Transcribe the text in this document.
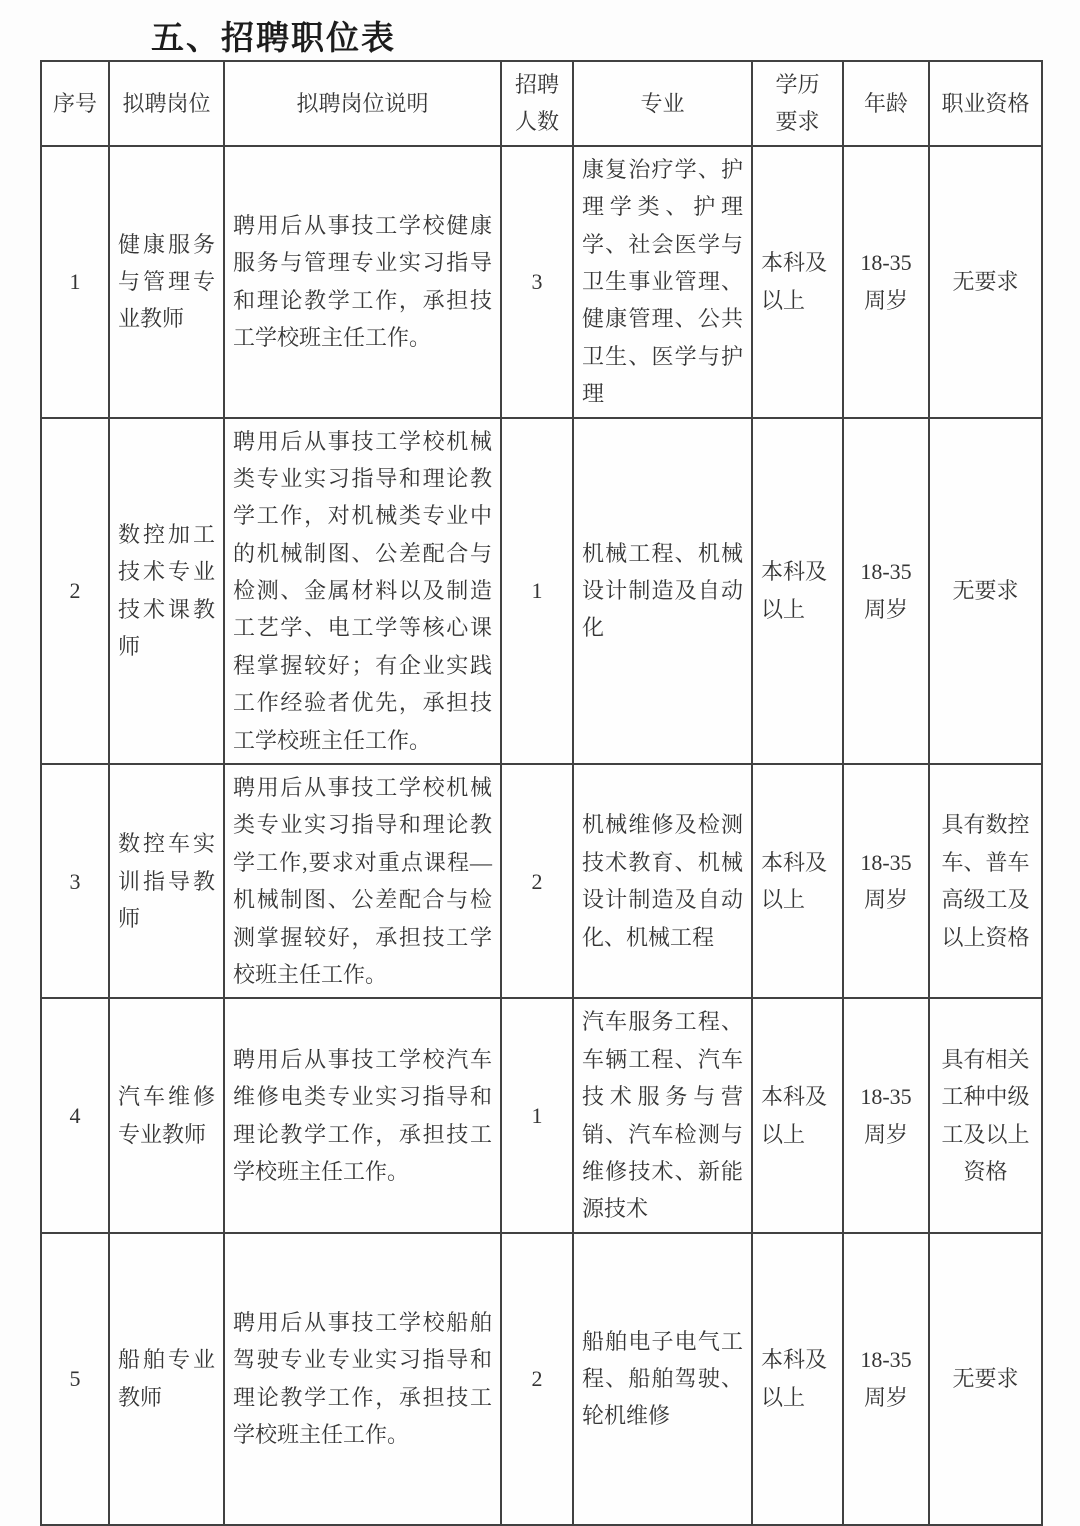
五、招聘职位表
序号	拟聘岗位	拟聘岗位说明	招聘人数	专业	学历要求	年龄	职业资格
1	健康服务与管理专业教师	聘用后从事技工学校健康服务与管理专业实习指导和理论教学工作，承担技工学校班主任工作。	3	康复治疗学、护理学类、护理学、社会医学与卫生事业管理、健康管理、公共卫生、医学与护理	本科及以上	18-35周岁	无要求
2	数控加工技术专业技术课教师	聘用后从事技工学校机械类专业实习指导和理论教学工作，对机械类专业中的机械制图、公差配合与检测、金属材料以及制造工艺学、电工学等核心课程掌握较好；有企业实践工作经验者优先，承担技工学校班主任工作。	1	机械工程、机械设计制造及自动化	本科及以上	18-35周岁	无要求
3	数控车实训指导教师	聘用后从事技工学校机械类专业实习指导和理论教学工作,要求对重点课程—机械制图、公差配合与检测掌握较好，承担技工学校班主任工作。	2	机械维修及检测技术教育、机械设计制造及自动化、机械工程	本科及以上	18-35周岁	具有数控车、普车高级工及以上资格
4	汽车维修专业教师	聘用后从事技工学校汽车维修电类专业实习指导和理论教学工作，承担技工学校班主任工作。	1	汽车服务工程、车辆工程、汽车技术服务与营销、汽车检测与维修技术、新能源技术	本科及以上	18-35周岁	具有相关工种中级工及以上资格
5	船舶专业教师	聘用后从事技工学校船舶驾驶专业专业实习指导和理论教学工作，承担技工学校班主任工作。	2	船舶电子电气工程、船舶驾驶、轮机维修	本科及以上	18-35周岁	无要求
